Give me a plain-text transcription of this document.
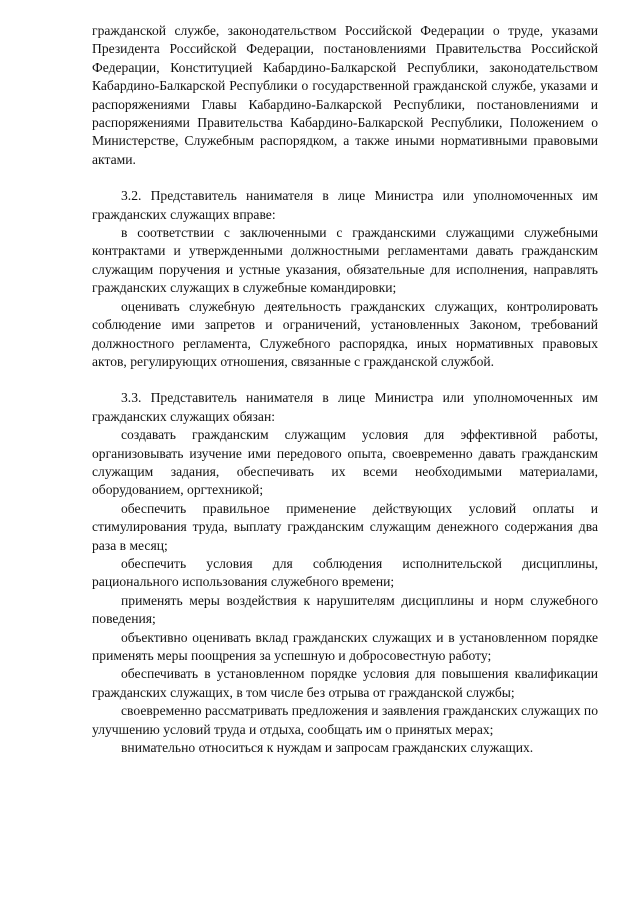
гражданской службе, законодательством Российской Федерации о труде, указами Президента Российской Федерации, постановлениями Правительства Российской Федерации, Конституцией Кабардино-Балкарской Республики, законодательством Кабардино-Балкарской Республики о государственной гражданской службе, указами и распоряжениями Главы Кабардино-Балкарской Республики, постановлениями и распоряжениями Правительства Кабардино-Балкарской Республики, Положением о Министерстве, Служебным распорядком, а также иными нормативными правовыми актами.

3.2. Представитель нанимателя в лице Министра или уполномоченных им гражданских служащих вправе:

в соответствии с заключенными с гражданскими служащими служебными контрактами и утвержденными должностными регламентами давать гражданским служащим поручения и устные указания, обязательные для исполнения, направлять гражданских служащих в служебные командировки;

оценивать служебную деятельность гражданских служащих, контролировать соблюдение ими запретов и ограничений, установленных Законом, требований должностного регламента, Служебного распорядка, иных нормативных правовых актов, регулирующих отношения, связанные с гражданской службой.

3.3. Представитель нанимателя в лице Министра или уполномоченных им гражданских служащих обязан:

создавать гражданским служащим условия для эффективной работы, организовывать изучение ими передового опыта, своевременно давать гражданским служащим задания, обеспечивать их всеми необходимыми материалами, оборудованием, оргтехникой;

обеспечить правильное применение действующих условий оплаты и стимулирования труда, выплату гражданским служащим денежного содержания два раза в месяц;

обеспечить условия для соблюдения исполнительской дисциплины, рационального использования служебного времени;

применять меры воздействия к нарушителям дисциплины и норм служебного поведения;

объективно оценивать вклад гражданских служащих и в установленном порядке применять меры поощрения за успешную и добросовестную работу;

обеспечивать в установленном порядке условия для повышения квалификации гражданских служащих, в том числе без отрыва от гражданской службы;

своевременно рассматривать предложения и заявления гражданских служащих по улучшению условий труда и отдыха, сообщать им о принятых мерах;

внимательно относиться к нуждам и запросам гражданских служащих.
